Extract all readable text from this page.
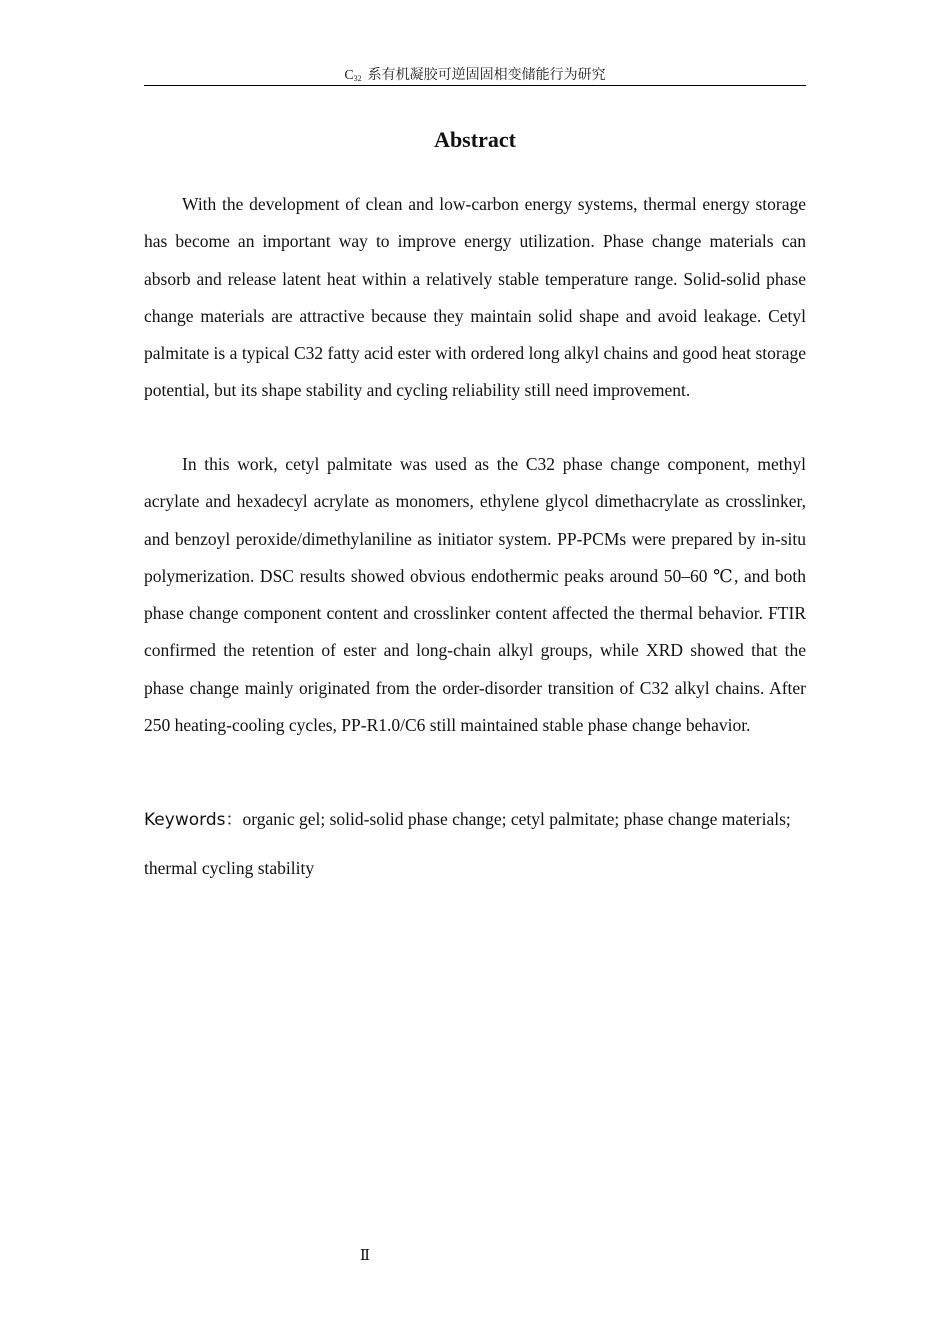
$C_{32}$ 系有机凝胶可逆固固相变储能行为研究
Abstract

With the development of clean and low-carbon energy systems, thermal energy storage has become an important way to improve energy utilization. Phase change materials can absorb and release latent heat within a relatively stable temperature range. Solid-solid phase change materials are attractive because they maintain solid shape and avoid leakage. Cetyl palmitate is a typical C32 fatty acid ester with ordered long alkyl chains and good heat storage potential, but its shape stability and cycling reliability still need improvement.

In this work, cetyl palmitate was used as the C32 phase change component, methyl acrylate and hexadecyl acrylate as monomers, ethylene glycol dimethacrylate as crosslinker, and benzoyl peroxide/dimethylaniline as initiator system. PP-PCMs were prepared by in-situ polymerization. DSC results showed obvious endothermic peaks around 50–60 ℃, and both phase change component content and crosslinker content affected the thermal behavior. FTIR confirmed the retention of ester and long-chain alkyl groups, while XRD showed that the phase change mainly originated from the order-disorder transition of C32 alkyl chains. After 250 heating-cooling cycles, PP-R1.0/C6 still maintained stable phase change behavior.

Keywords：organic gel; solid-solid phase change; cetyl palmitate; phase change materials; thermal cycling stability
Ⅱ
